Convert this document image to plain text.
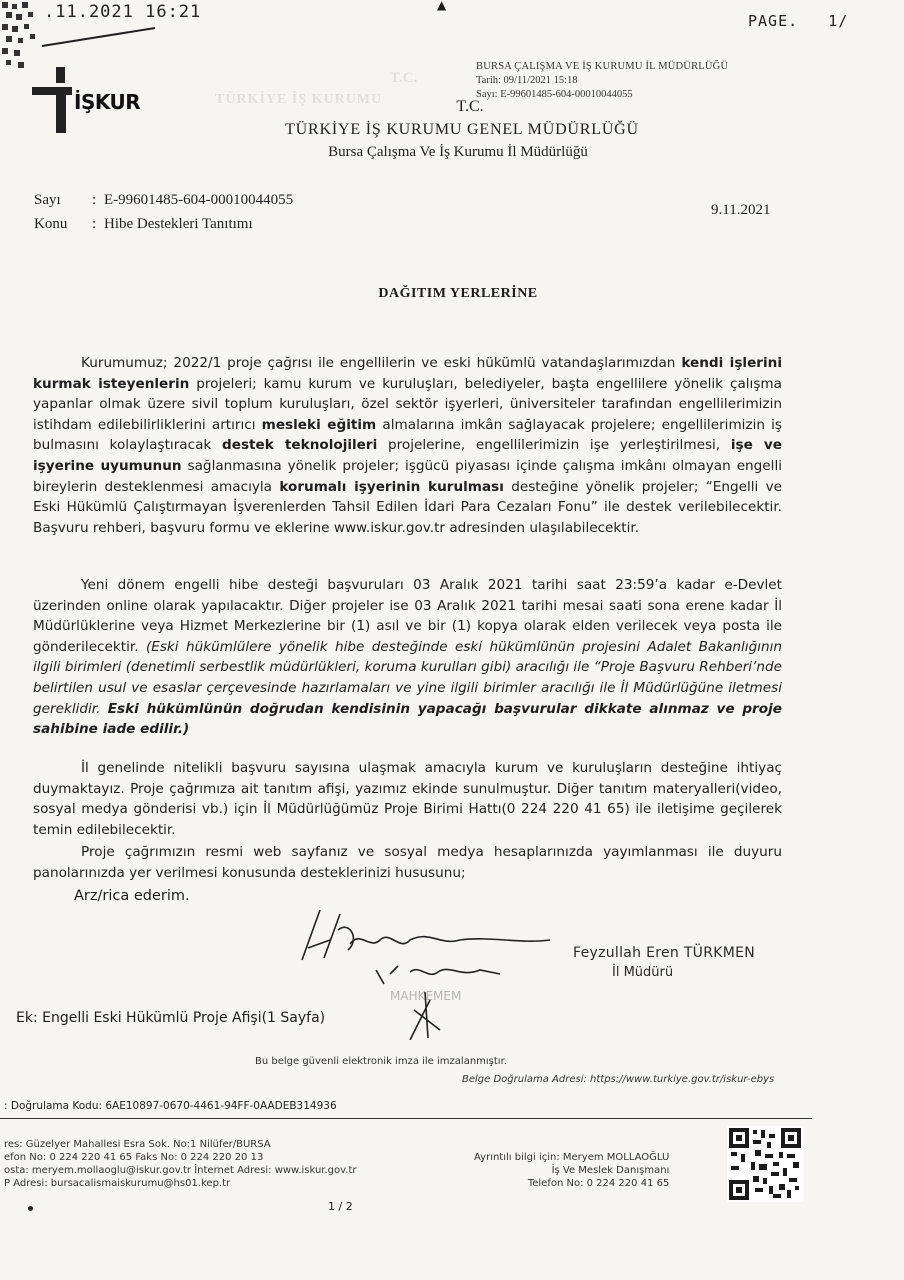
.11.2021 16:21	▲
PAGE. 1/
İŞKUR
BURSA ÇALIŞMA VE İŞ KURUMU İL MÜDÜRLÜĞÜ
Tarih: 09/11/2021 15:18
Sayı: E-99601485-604-00010044055
T.C.
TÜRKİYE İŞ KURUMU	T.C.
TÜRKİYE İŞ KURUMU GENEL MÜDÜRLÜĞÜ
Bursa Çalışma Ve İş Kurumu İl Müdürlüğü
Sayı : E-99601485-604-00010044055
Konu : Hibe Destekleri Tanıtımı
9.11.2021
DAĞITIM YERLERİNE
Kurumumuz; 2022/1 proje çağrısı ile engellilerin ve eski hükümlü vatandaşlarımızdan kendi işlerini kurmak isteyenlerin projeleri; kamu kurum ve kuruluşları, belediyeler, başta engellilere yönelik çalışma yapanlar olmak üzere sivil toplum kuruluşları, özel sektör işyerleri, üniversiteler tarafından engellilerimizin istihdam edilebilirliklerini artırıcı mesleki eğitim almalarına imkân sağlayacak projelere; engellilerimizin iş bulmasını kolaylaştıracak destek teknolojileri projelerine, engellilerimizin işe yerleştirilmesi, işe ve işyerine uyumunun sağlanmasına yönelik projeler; işgücü piyasası içinde çalışma imkânı olmayan engelli bireylerin desteklenmesi amacıyla korumalı işyerinin kurulması desteğine yönelik projeler; “Engelli ve Eski Hükümlü Çalıştırmayan İşverenlerden Tahsil Edilen İdari Para Cezaları Fonu” ile destek verilebilecektir. Başvuru rehberi, başvuru formu ve eklerine www.iskur.gov.tr adresinden ulaşılabilecektir.
Yeni dönem engelli hibe desteği başvuruları 03 Aralık 2021 tarihi saat 23:59’a kadar e-Devlet üzerinden online olarak yapılacaktır. Diğer projeler ise 03 Aralık 2021 tarihi mesai saati sona erene kadar İl Müdürlüklerine veya Hizmet Merkezlerine bir (1) asıl ve bir (1) kopya olarak elden verilecek veya posta ile gönderilecektir. (Eski hükümlülere yönelik hibe desteğinde eski hükümlünün projesini Adalet Bakanlığının ilgili birimleri (denetimli serbestlik müdürlükleri, koruma kurulları gibi) aracılığı ile “Proje Başvuru Rehberi’nde belirtilen usul ve esaslar çerçevesinde hazırlamaları ve yine ilgili birimler aracılığı ile İl Müdürlüğüne iletmesi gereklidir. Eski hükümlünün doğrudan kendisinin yapacağı başvurular dikkate alınmaz ve proje sahibine iade edilir.)
İl genelinde nitelikli başvuru sayısına ulaşmak amacıyla kurum ve kuruluşların desteğine ihtiyaç duymaktayız. Proje çağrımıza ait tanıtım afişi, yazımız ekinde sunulmuştur. Diğer tanıtım materyalleri(video, sosyal medya gönderisi vb.) için İl Müdürlüğümüz Proje Birimi Hattı(0 224 220 41 65) ile iletişime geçilerek temin edilebilecektir.
Proje çağrımızın resmi web sayfanız ve sosyal medya hesaplarınızda yayımlanması ile duyuru panolarınızda yer verilmesi konusunda desteklerinizi hususunu;
Arz/rica ederim.
MAHKEMEM
Feyzullah Eren TÜRKMEN
İl Müdürü
Ek: Engelli Eski Hükümlü Proje Afişi(1 Sayfa)
Bu belge güvenli elektronik imza ile imzalanmıştır.
Belge Doğrulama Adresi: https://www.turkiye.gov.tr/iskur-ebys
: Doğrulama Kodu: 6AE10897-0670-4461-94FF-0AADEB314936
res: Güzelyer Mahallesi Esra Sok. No:1 Nilüfer/BURSA
efon No: 0 224 220 41 65 Faks No: 0 224 220 20 13
osta: meryem.mollaoglu@iskur.gov.tr İnternet Adresi: www.iskur.gov.tr
P Adresi: bursacalismaiskurumu@hs01.kep.tr
Ayrıntılı bilgi için: Meryem MOLLAOĞLU
İş Ve Meslek Danışmanı
Telefon No: 0 224 220 41 65
1 / 2
